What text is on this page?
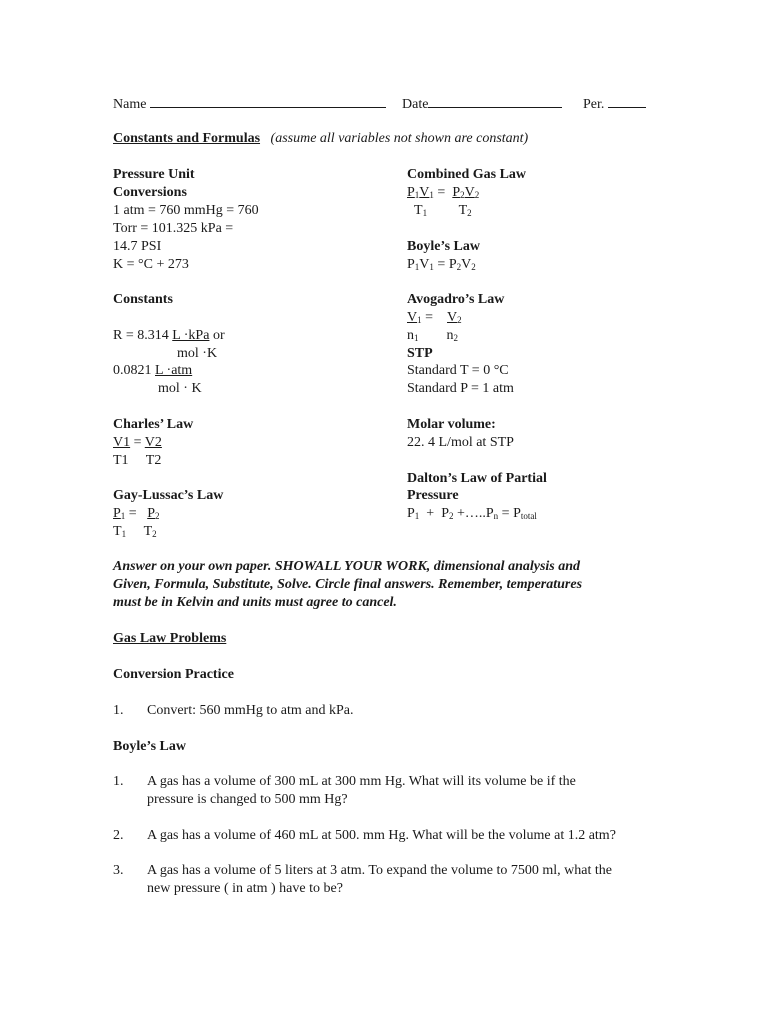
Name	Date	Per.
Constants and Formulas (assume all variables not shown are constant)
Pressure Unit
Conversions
1 atm = 760 mmHg = 760
Torr = 101.325 kPa =
14.7 PSI
K = °C + 273
Constants
R = 8.314 L ·kPa or
mol ·K
0.0821 L ·atm
mol · K
Charles’ Law
V1 = V2
T1     T2
Gay-Lussac’s Law
$P_1 = P_2$
$T_1$     $T_2$
Combined Gas Law
$P_1V_1 = P_2V_2$
$T_1$         $T_2$
Boyle’s Law
$P_1V_1 = P_2V_2$
Avogadro’s Law
$V_1$ =    $V_2$
$n_1$        $n_2$
STP
Standard T = 0 °C
Standard P = 1 atm
Molar volume:
22. 4 L/mol at STP
Dalton’s Law of Partial
Pressure
$P_1 + P_2$ $+\dots..P_n = P_{total}$
Answer on your own paper. SHOWALL YOUR WORK, dimensional analysis and
Given, Formula, Substitute, Solve. Circle final answers. Remember, temperatures
must be in Kelvin and units must agree to cancel.
Gas Law Problems
Conversion Practice
1. Convert: 560 mmHg to atm and kPa.
Boyle’s Law
1. A gas has a volume of 300 mL at 300 mm Hg. What will its volume be if the
pressure is changed to 500 mm Hg?
2. A gas has a volume of 460 mL at 500. mm Hg. What will be the volume at 1.2 atm?
3. A gas has a volume of 5 liters at 3 atm. To expand the volume to 7500 ml, what the
new pressure ( in atm ) have to be?
